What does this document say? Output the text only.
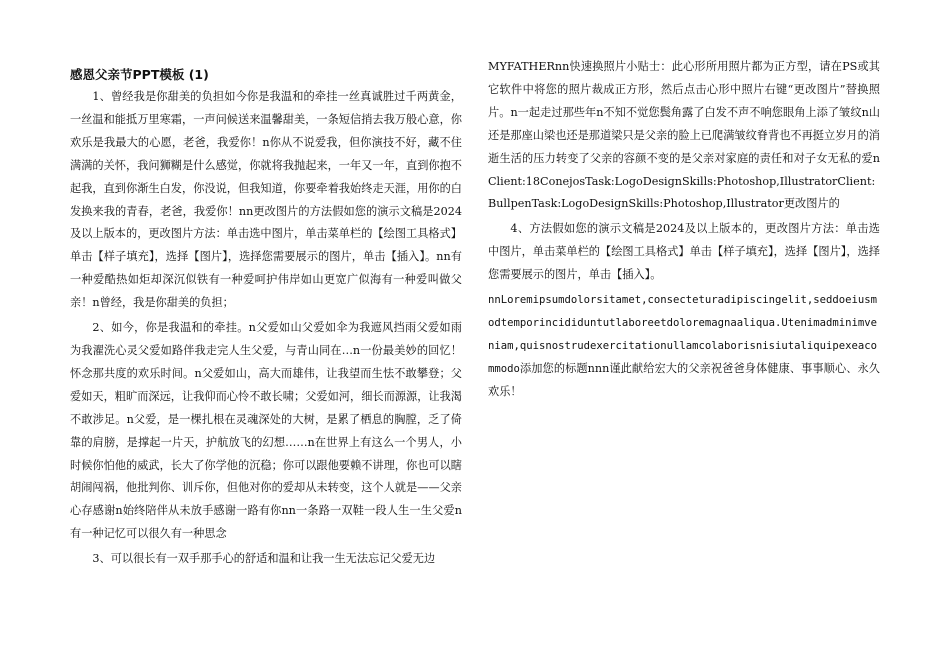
感恩父亲节PPT模板 (1)

1、曾经我是你甜美的负担如今你是我温和的牵挂一丝真诚胜过千两黄金，一丝温和能抵万里寒霜，一声问候送来温馨甜美，一条短信捎去我万般心意，你欢乐是我最大的心愿，老爸，我爱你！n你从不说爱我，但你演技不好，藏不住满满的关怀，我问狮糊是什么感觉，你就将我抛起来，一年又一年，直到你抱不起我，直到你渐生白发，你没说，但我知道，你要牵着我始终走天涯，用你的白发换来我的青春，老爸，我爱你！nn更改图片的方法假如您的演示文稿是2024及以上版本的，更改图片方法：单击选中图片，单击菜单栏的【绘图工具格式】单击【样子填充】，选择【图片】，选择您需要展示的图片，单击【插入】。nn有一种爱酷热如炬却深沉似铁有一种爱呵护伟岸如山更宽广似海有一种爱叫做父亲！n曾经，我是你甜美的负担；

2、如今，你是我温和的牵挂。n父爱如山父爱如伞为我遮风挡雨父爱如雨为我濯洗心灵父爱如路伴我走完人生父爱，与青山同在…n一份最美妙的回忆！怀念那共度的欢乐时间。n父爱如山，高大而雄伟，让我望而生怯不敢攀登；父爱如天，粗旷而深远，让我仰而心怜不敢长啸；父爱如河，细长而源源，让我渴不敢涉足。n父爱，是一棵扎根在灵魂深处的大树，是累了栖息的胸膛，乏了倚靠的肩膀，是撑起一片天，护航放飞的幻想……n在世界上有这么一个男人，小时候你怕他的威武，长大了你学他的沉稳；你可以跟他要赖不讲理，你也可以瞎胡闹闯祸，他批判你、训斥你，但他对你的爱却从未转变，这个人就是——父亲心存感谢n始终陪伴从未放手感谢一路有你nn一条路一双鞋一段人生一生父爱n有一种记忆可以很久有一种思念

3、可以很长有一双手那手心的舒适和温和让我一生无法忘记父爱无边

MYFATHERnn快速换照片小贴士：此心形所用照片都为正方型，请在PS或其它软件中将您的照片裁成正方形，然后点击心形中照片右键“更改图片”替换照片。n一起走过那些年n不知不觉您鬓角露了白发不声不响您眼角上添了皱纹n山还是那座山梁也还是那道梁只是父亲的脸上已爬满皱纹脊背也不再挺立岁月的消逝生活的压力转变了父亲的容颜不变的是父亲对家庭的责任和对子女无私的爱nClient:18ConejosTask:LogoDesignSkills:Photoshop,IllustratorClient:BullpenTask:LogoDesignSkills:Photoshop,Illustrator更改图片的

4、方法假如您的演示文稿是2024及以上版本的，更改图片方法：单击选中图片，单击菜单栏的【绘图工具格式】单击【样子填充】，选择【图片】，选择您需要展示的图片，单击【插入】。

nnLoremipsumdolorsitamet,consecteturadipiscingelit,seddoeiusmodtemporincididuntutlaboreetdoloremagnaaliqua.Utenimadminimveniam,quisnostrudexercitationullamcolaborisnisiutaliquipexeacommodo添加您的标题nnn谨此献给宏大的父亲祝爸爸身体健康、事事顺心、永久欢乐！
